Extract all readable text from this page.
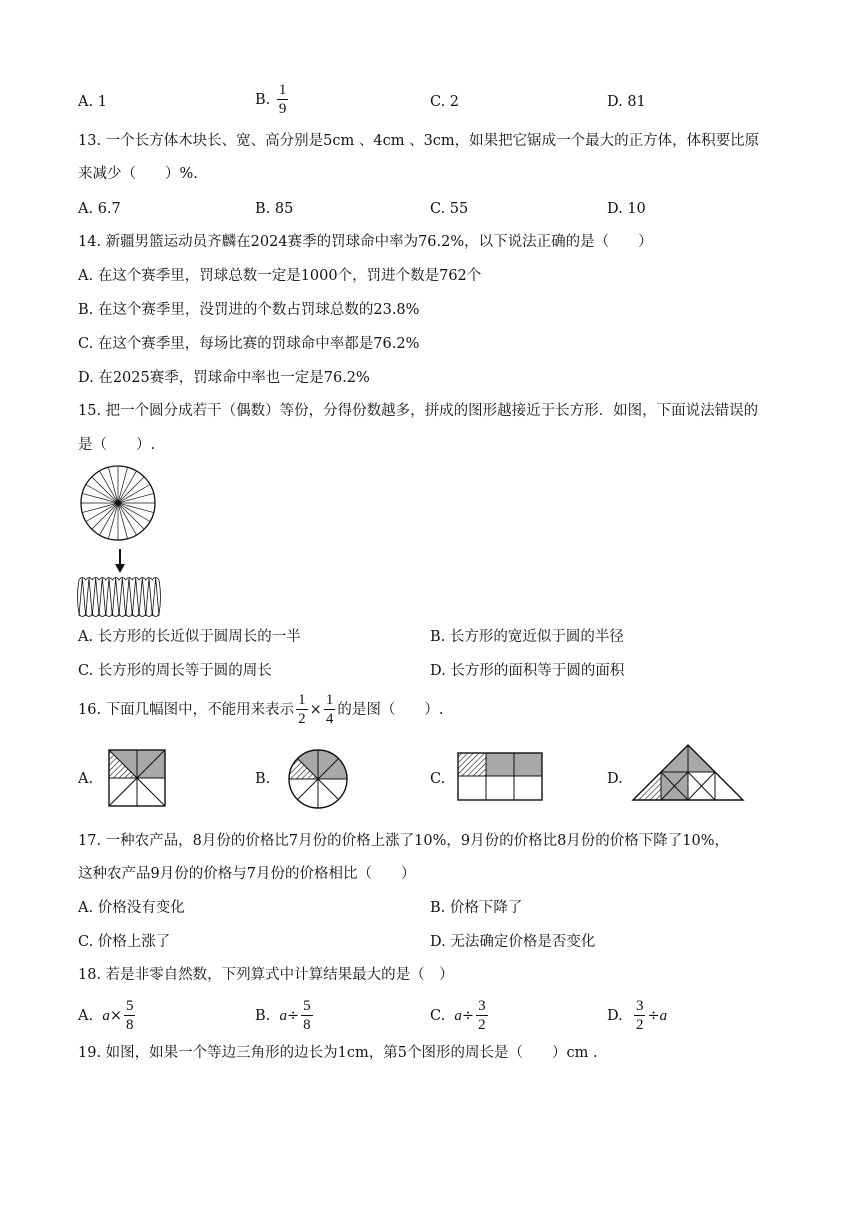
A. 1	B. $\frac{1}{9}$	C. 2	D. 81
13. 一个长方体木块长、宽、高分别是5cm 、4cm 、3cm，如果把它锯成一个最大的正方体，体积要比原
来减少（　　）%.
A. 6.7	B. 85	C. 55	D. 10
14. 新疆男篮运动员齐麟在2024赛季的罚球命中率为76.2%，以下说法正确的是（　　）
A. 在这个赛季里，罚球总数一定是1000个，罚进个数是762个
B. 在这个赛季里，没罚进的个数占罚球总数的23.8%
C. 在这个赛季里，每场比赛的罚球命中率都是76.2%
D. 在2025赛季，罚球命中率也一定是76.2%
15. 把一个圆分成若干（偶数）等份，分得份数越多，拼成的图形越接近于长方形．如图，下面说法错误的
是（　　）.
A. 长方形的长近似于圆周长的一半	B. 长方形的宽近似于圆的半径
C. 长方形的周长等于圆的周长	D. 长方形的面积等于圆的面积
16. 下面几幅图中，不能用来表示 $\frac{1}{2} \times \frac{1}{4}$ 的是图（　　）.
A.	B.	C.	D.
17. 一种农产品，8月份的价格比7月份的价格上涨了10%，9月份的价格比8月份的价格下降了10%，
这种农产品9月份的价格与7月份的价格相比（　　）
A. 价格没有变化	B. 价格下降了
C. 价格上涨了	D. 无法确定价格是否变化
18. 若是非零自然数，下列算式中计算结果最大的是（　）
A. $a\times \frac{5}{8}$	B. $a\div \frac{5}{8}$	C. $a\div \frac{3}{2}$	D. $\frac{3}{2} \div a$
19. 如图，如果一个等边三角形的边长为1cm，第5个图形的周长是（　　）cm .
